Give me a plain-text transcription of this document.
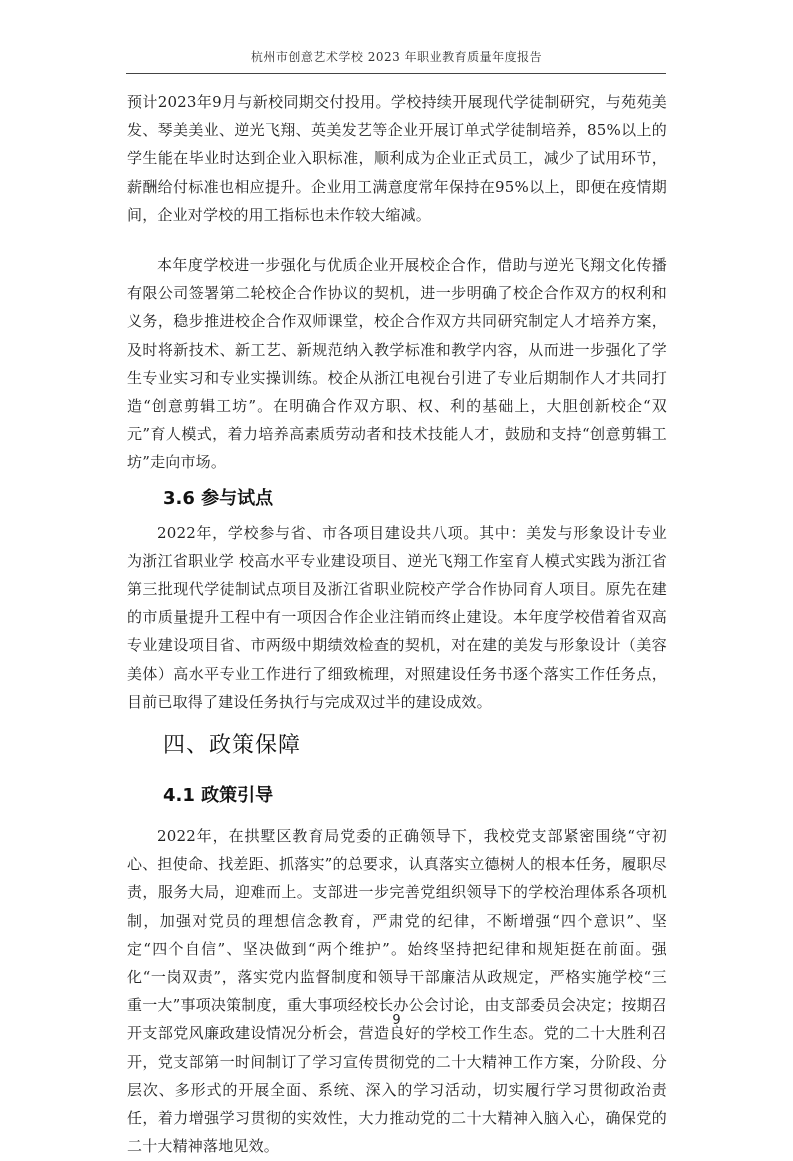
杭州市创意艺术学校 2023 年职业教育质量年度报告

预计2023年9月与新校同期交付投用。学校持续开展现代学徒制研究，与苑苑美发、琴美美业、逆光飞翔、英美发艺等企业开展订单式学徒制培养，85%以上的学生能在毕业时达到企业入职标准，顺利成为企业正式员工，减少了试用环节，薪酬给付标准也相应提升。企业用工满意度常年保持在95%以上，即便在疫情期间，企业对学校的用工指标也未作较大缩减。

本年度学校进一步强化与优质企业开展校企合作，借助与逆光飞翔文化传播有限公司签署第二轮校企合作协议的契机，进一步明确了校企合作双方的权利和义务，稳步推进校企合作双师课堂，校企合作双方共同研究制定人才培养方案，及时将新技术、新工艺、新规范纳入教学标准和教学内容，从而进一步强化了学生专业实习和专业实操训练。校企从浙江电视台引进了专业后期制作人才共同打造“创意剪辑工坊”。在明确合作双方职、权、利的基础上，大胆创新校企“双元”育人模式，着力培养高素质劳动者和技术技能人才，鼓励和支持“创意剪辑工坊”走向市场。

3.6 参与试点

2022年，学校参与省、市各项目建设共八项。其中：美发与形象设计专业为浙江省职业学 校高水平专业建设项目、逆光飞翔工作室育人模式实践为浙江省第三批现代学徒制试点项目及浙江省职业院校产学合作协同育人项目。原先在建的市质量提升工程中有一项因合作企业注销而终止建设。本年度学校借着省双高专业建设项目省、市两级中期绩效检查的契机，对在建的美发与形象设计（美容美体）高水平专业工作进行了细致梳理，对照建设任务书逐个落实工作任务点，目前已取得了建设任务执行与完成双过半的建设成效。

四、政策保障
4.1 政策引导

2022年，在拱墅区教育局党委的正确领导下，我校党支部紧密围绕“守初心、担使命、找差距、抓落实”的总要求，认真落实立德树人的根本任务，履职尽责，服务大局，迎难而上。支部进一步完善党组织领导下的学校治理体系各项机制，加强对党员的理想信念教育，严肃党的纪律，不断增强“四个意识”、坚定“四个自信”、坚决做到“两个维护”。始终坚持把纪律和规矩挺在前面。强化“一岗双责”，落实党内监督制度和领导干部廉洁从政规定，严格实施学校“三重一大”事项决策制度，重大事项经校长办公会讨论，由支部委员会决定；按期召开支部党风廉政建设情况分析会，营造良好的学校工作生态。党的二十大胜利召开，党支部第一时间制订了学习宣传贯彻党的二十大精神工作方案，分阶段、分层次、多形式的开展全面、系统、深入的学习活动，切实履行学习贯彻政治责任，着力增强学习贯彻的实效性，大力推动党的二十大精神入脑入心，确保党的二十大精神落地见效。

9
